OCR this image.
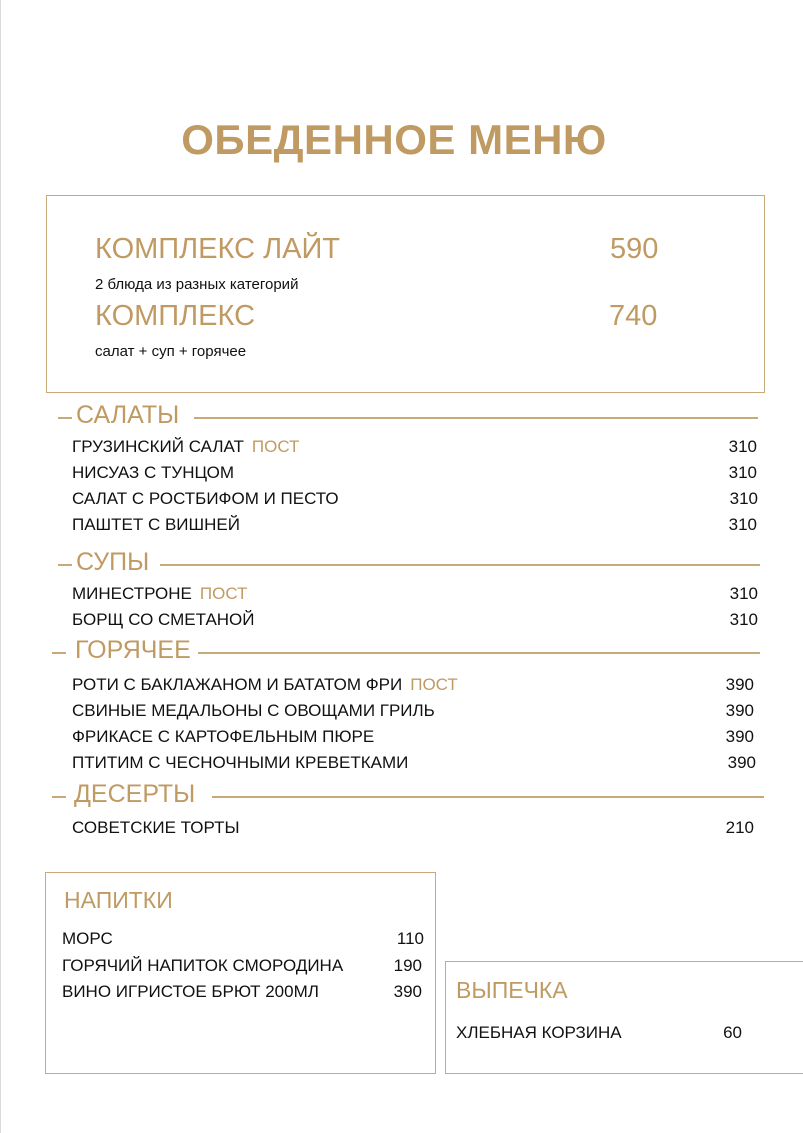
ОБЕДЕННОЕ МЕНЮ
КОМПЛЕКС ЛАЙТ	590
2 блюда из разных категорий
КОМПЛЕКС	740
салат + суп + горячее
САЛАТЫ
ГРУЗИНСКИЙ САЛАТ ПОСТ	310
НИСУАЗ С ТУНЦОМ	310
САЛАТ С РОСТБИФОМ И ПЕСТО	310
ПАШТЕТ С ВИШНЕЙ	310
СУПЫ
МИНЕСТРОНЕ ПОСТ	310
БОРЩ СО СМЕТАНОЙ	310
ГОРЯЧЕЕ
РОТИ С БАКЛАЖАНОМ И БАТАТОМ ФРИ ПОСТ	390
СВИНЫЕ МЕДАЛЬОНЫ С ОВОЩАМИ ГРИЛЬ	390
ФРИКАСЕ С КАРТОФЕЛЬНЫМ ПЮРЕ	390
ПТИТИМ С ЧЕСНОЧНЫМИ КРЕВЕТКАМИ	390
ДЕСЕРТЫ
СОВЕТСКИЕ ТОРТЫ	210
НАПИТКИ
МОРС	110
ГОРЯЧИЙ НАПИТОК СМОРОДИНА	190
ВИНО ИГРИСТОЕ БРЮТ 200МЛ	390 ВЫПЕЧКА
ХЛЕБНАЯ КОРЗИНА	60
